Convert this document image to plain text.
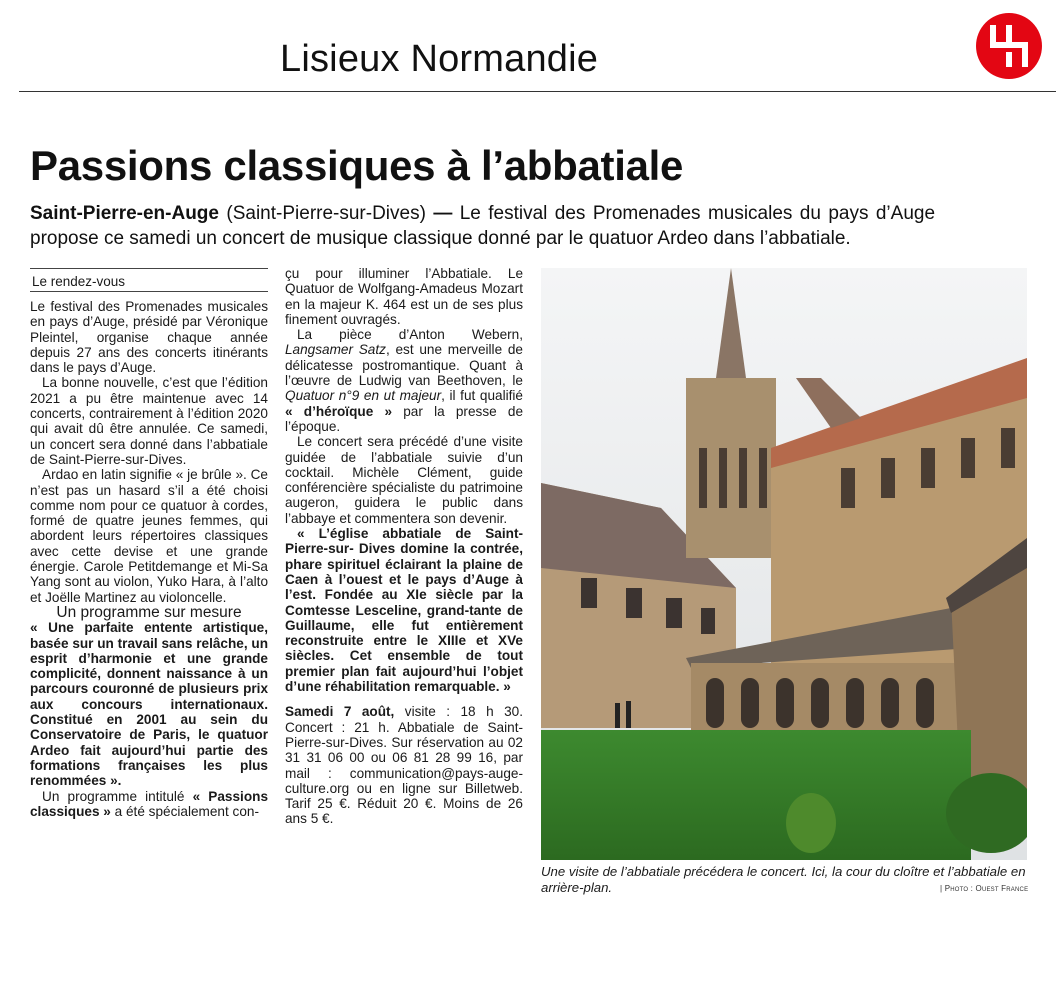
Lisieux Normandie
Passions classiques à l’abbatiale
Saint-Pierre-en-Auge (Saint-Pierre-sur-Dives) — Le festival des Promenades musicales du pays d’Auge propose ce samedi un concert de musique classique donné par le quatuor Ardeo dans l’abbatiale.
Le rendez-vous

Le festival des Promenades musicales en pays d’Auge, présidé par Véronique Pleintel, organise chaque année depuis 27 ans des concerts itinérants dans le pays d’Auge.

La bonne nouvelle, c’est que l’édition 2021 a pu être maintenue avec 14 concerts, contrairement à l’édition 2020 qui avait dû être annulée. Ce samedi, un concert sera donné dans l’abbatiale de Saint-Pierre-sur-Dives.

Ardao en latin signifie « je brûle ». Ce n’est pas un hasard s’il a été choisi comme nom pour ce quatuor à cordes, formé de quatre jeunes femmes, qui abordent leurs répertoires classiques avec cette devise et une grande énergie. Carole Petitdemange et Mi-Sa Yang sont au violon, Yuko Hara, à l’alto et Joëlle Martinez au violoncelle.

Un programme sur mesure

« Une parfaite entente artistique, basée sur un travail sans relâche, un esprit d’harmonie et une grande complicité, donnent naissance à un parcours couronné de plusieurs prix aux concours internationaux. Constitué en 2001 au sein du Conservatoire de Paris, le quatuor Ardeo fait aujourd’hui partie des formations françaises les plus renommées ».

Un programme intitulé « Passions classiques » a été spécialement con-

çu pour illuminer l’Abbatiale. Le Quatuor de Wolfgang-Amadeus Mozart en la majeur K. 464 est un de ses plus finement ouvragés.

La pièce d’Anton Webern, Langsamer Satz, est une merveille de délicatesse postromantique. Quant à l’œuvre de Ludwig van Beethoven, le Quatuor n°9 en ut majeur, il fut qualifié « d’héroïque » par la presse de l’époque.

Le concert sera précédé d’une visite guidée de l’abbatiale suivie d’un cocktail. Michèle Clément, guide conférencière spécialiste du patrimoine augeron, guidera le public dans l’abbaye et commentera son devenir.

« L’église abbatiale de Saint-Pierre-sur- Dives domine la contrée, phare spirituel éclairant la plaine de Caen à l’ouest et le pays d’Auge à l’est. Fondée au XIe siècle par la Comtesse Lesceline, grand-tante de Guillaume, elle fut entièrement reconstruite entre le XIIIe et XVe siècles. Cet ensemble de tout premier plan fait aujourd’hui l’objet d’une réhabilitation remarquable. »

Samedi 7 août, visite : 18 h 30. Concert : 21 h. Abbatiale de Saint-Pierre-sur-Dives. Sur réservation au 02 31 31 06 00 ou 06 81 28 99 16, par mail : communication@pays-auge-culture.org ou en ligne sur Billetweb. Tarif 25 €. Réduit 20 €. Moins de 26 ans 5 €.

Une visite de l’abbatiale précédera le concert. Ici, la cour du cloître et l’abbatiale en arrière-plan.	| Photo : Ouest France
